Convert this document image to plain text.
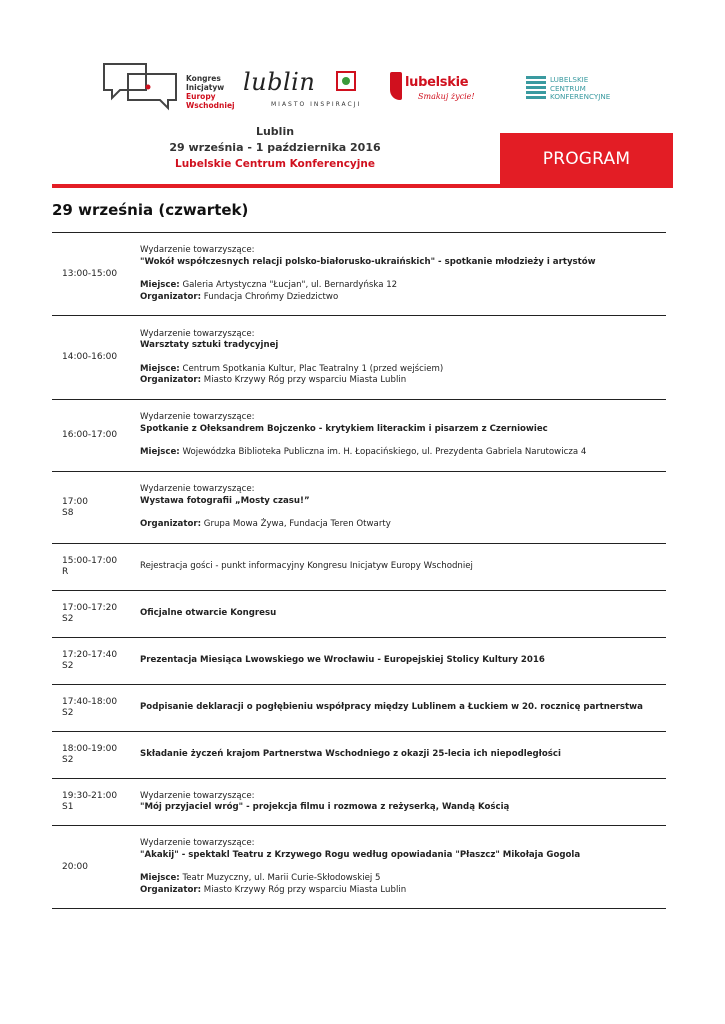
Kongres
Inicjatyw
Europy
Wschodniej
lublin
MIASTO INSPIRACJI
lubelskie
Smakuj życie!
LUBELSKIE
CENTRUM
KONFERENCYJNE
Lublin
29 września - 1 października 2016
Lubelskie Centrum Konferencyjne	PROGRAM
29 września (czwartek)
13:00-15:00
Wydarzenie towarzyszące:
"Wokół współczesnych relacji polsko-białorusko-ukraińskich" - spotkanie młodzieży i artystów
Miejsce: Galeria Artystyczna "Łucjan", ul. Bernardyńska 12
Organizator: Fundacja Chrońmy Dziedzictwo
14:00-16:00
Wydarzenie towarzyszące:
Warsztaty sztuki tradycyjnej
Miejsce: Centrum Spotkania Kultur, Plac Teatralny 1 (przed wejściem)
Organizator: Miasto Krzywy Róg przy wsparciu Miasta Lublin
16:00-17:00
Wydarzenie towarzyszące:
Spotkanie z Ołeksandrem Bojczenko - krytykiem literackim i pisarzem z Czerniowiec
Miejsce: Wojewódzka Biblioteka Publiczna im. H. Łopacińskiego, ul. Prezydenta Gabriela Narutowicza 4
17:00
S8
Wydarzenie towarzyszące:
Wystawa fotografii „Mosty czasu!”
Organizator: Grupa Mowa Żywa, Fundacja Teren Otwarty
15:00-17:00
R
Rejestracja gości - punkt informacyjny Kongresu Inicjatyw Europy Wschodniej
17:00-17:20
S2
Oficjalne otwarcie Kongresu
17:20-17:40
S2
Prezentacja Miesiąca Lwowskiego we Wrocławiu - Europejskiej Stolicy Kultury 2016
17:40-18:00
S2
Podpisanie deklaracji o pogłębieniu współpracy między Lublinem a Łuckiem w 20. rocznicę partnerstwa
18:00-19:00
S2
Składanie życzeń krajom Partnerstwa Wschodniego z okazji 25-lecia ich niepodległości
19:30-21:00
S1
Wydarzenie towarzyszące:
"Mój przyjaciel wróg" - projekcja filmu i rozmowa z reżyserką, Wandą Kością
20:00
Wydarzenie towarzyszące:
"Akakij" - spektakl Teatru z Krzywego Rogu według opowiadania "Płaszcz" Mikołaja Gogola
Miejsce: Teatr Muzyczny, ul. Marii Curie-Skłodowskiej 5
Organizator: Miasto Krzywy Róg przy wsparciu Miasta Lublin
